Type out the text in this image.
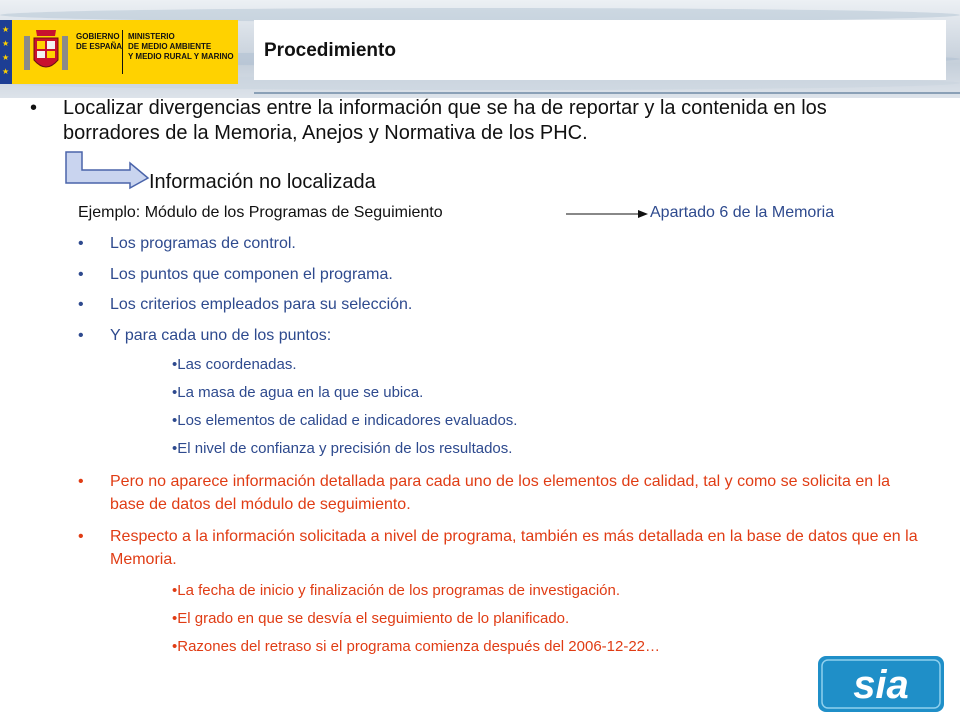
★
★
★
★
GOBIERNO
DE ESPAÑA
MINISTERIO
DE MEDIO AMBIENTE
Y MEDIO RURAL Y MARINO Procedimiento
• Localizar divergencias entre la información que se ha de reportar y la contenida en los borradores de la Memoria, Anejos y Normativa de los PHC.
Información no localizada
Ejemplo: Módulo de los Programas de Seguimiento	Apartado 6 de la Memoria
• Los programas de control.
• Los puntos que componen el programa.
• Los criterios empleados para su selección.
• Y para cada uno de los puntos:
•Las coordenadas.
•La masa de agua en la que se ubica.
•Los elementos de calidad e indicadores evaluados.
•El nivel de confianza y precisión de los resultados.
• Pero no aparece información detallada para cada uno de los elementos de calidad, tal y como se solicita en la base de datos del módulo de seguimiento.
• Respecto a la información solicitada a nivel de programa, también es más detallada en la base de datos que en la Memoria.
•La fecha de inicio y finalización de los programas de investigación.
•El grado en que se desvía el seguimiento de lo planificado.
•Razones del retraso si el programa comienza después del 2006-12-22…
sia
